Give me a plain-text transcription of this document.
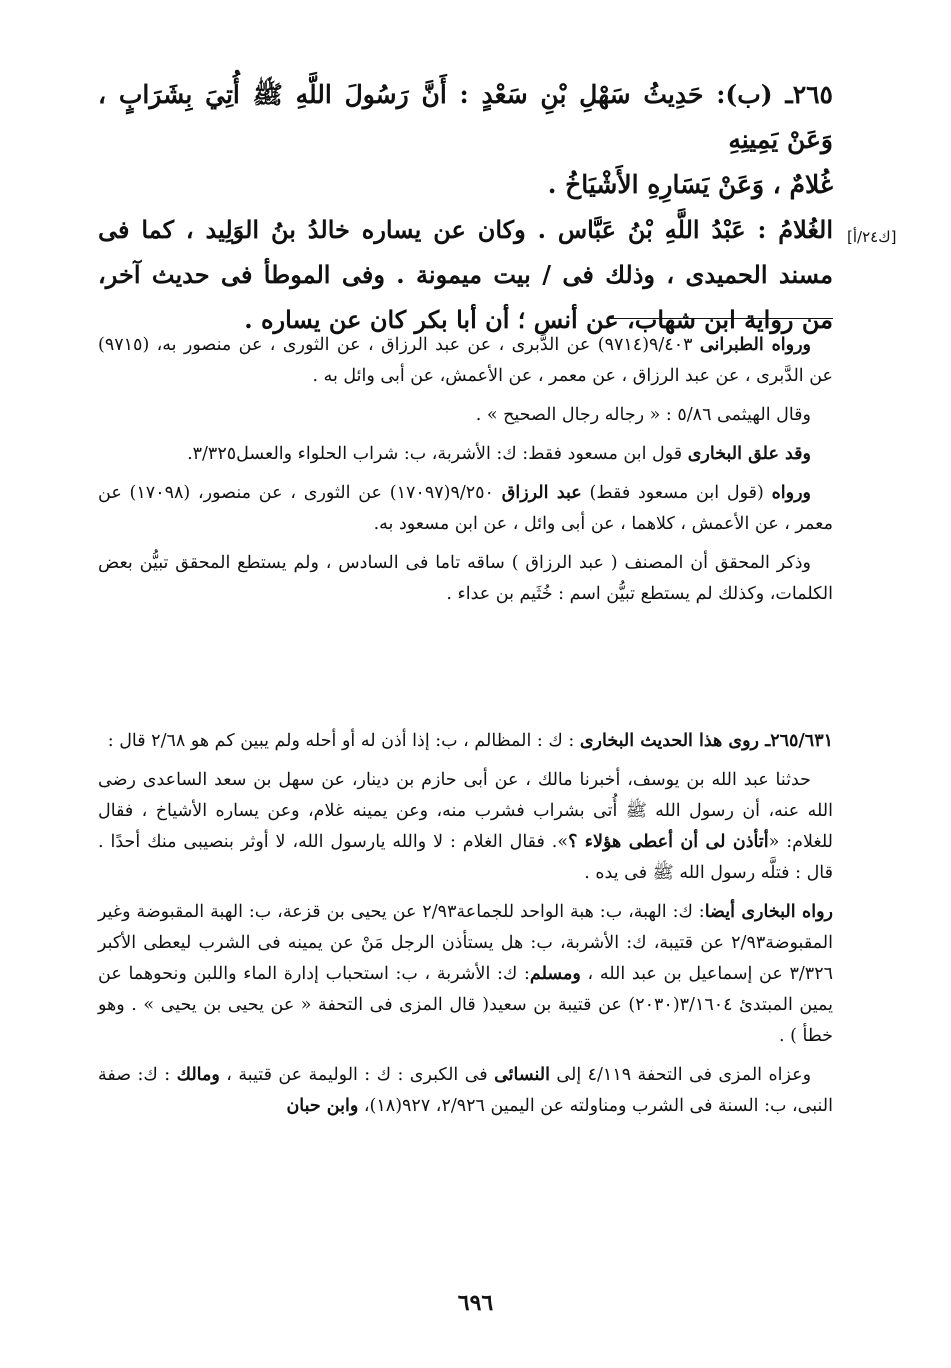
٢٦٥ـ (ب): حَدِيثُ سَهْلِ بْنِ سَعْدٍ : أَنَّ رَسُولَ اللَّهِ ﷺ أُتِيَ بِشَرَابٍ ، وَعَنْ يَمِينِهِ

غُلامٌ ، وَعَنْ يَسَارِهِ الأَشْيَاخُ .

الغُلامُ : عَبْدُ اللَّهِ بْنُ عَبَّاس . وكان عن يساره خالدُ بنُ الوَلِيد ، كما فى مسند الحميدى ، وذلك فى / بيت ميمونة . وفى الموطأ فى حديث آخر، من رواية ابن شهاب، عن أنس ؛ أن أبا بكر كان عن يساره .

[ك٢٤/أ]

ورواه الطبرانى ٩/٤٠٣(٩٧١٤) عن الدَّبرى ، عن عبد الرزاق ، عن الثورى ، عن منصور به، (٩٧١٥) عن الدَّبرى ، عن عبد الرزاق ، عن معمر ، عن الأعمش، عن أبى وائل به .

وقال الهيثمى ٥/٨٦ : « رجاله رجال الصحيح » .

وقد علق البخارى قول ابن مسعود فقط: ك: الأشربة، ب: شراب الحلواء والعسل٣/٣٢٥.

ورواه (قول ابن مسعود فقط) عبد الرزاق ٩/٢٥٠(١٧٠٩٧) عن الثورى ، عن منصور، (١٧٠٩٨) عن معمر ، عن الأعمش ، كلاهما ، عن أبى وائل ، عن ابن مسعود به.

وذكر المحقق أن المصنف ( عبد الرزاق ) ساقه تاما فى السادس ، ولم يستطع المحقق تبيُّن بعض الكلمات، وكذلك لم يستطع تبيُّن اسم : خُثَيم بن عداء .

٢٦٥/٦٣١ـ روى هذا الحديث البخارى : ك : المظالم ، ب: إذا أذن له أو أحله ولم يبين كم هو ٢/٦٨ قال :

حدثنا عبد الله بن يوسف، أخبرنا مالك ، عن أبى حازم بن دينار، عن سهل بن سعد الساعدى رضى الله عنه، أن رسول الله ﷺ أُتى بشراب فشرب منه، وعن يمينه غلام، وعن يساره الأشياخ ، فقال للغلام: «أتأذن لى أن أعطى هؤلاء ؟». فقال الغلام : لا والله يارسول الله، لا أوثر بنصيبى منك أحدًا . قال : فتلَّه رسول الله ﷺ فى يده .

رواه البخارى أيضا: ك: الهبة، ب: هبة الواحد للجماعة٢/٩٣ عن يحيى بن قزعة، ب: الهبة المقبوضة وغير المقبوضة٢/٩٣ عن قتيبة، ك: الأشربة، ب: هل يستأذن الرجل مَنْ عن يمينه فى الشرب ليعطى الأكبر ٣/٣٢٦ عن إسماعيل بن عبد الله ، ومسلم: ك: الأشربة ، ب: استحباب إدارة الماء واللبن ونحوهما عن يمين المبتدئ ٣/١٦٠٤(٢٠٣٠) عن قتيبة بن سعيد( قال المزى فى التحفة « عن يحيى بن يحيى » . وهو خطأ ) .

وعزاه المزى فى التحفة ٤/١١٩ إلى النسائى فى الكبرى : ك : الوليمة عن قتيبة ، ومالك : ك: صفة النبى، ب: السنة فى الشرب ومناولته عن اليمين ٢/٩٢٦، ٩٢٧(١٨)، وابن حبان

٦٩٦
